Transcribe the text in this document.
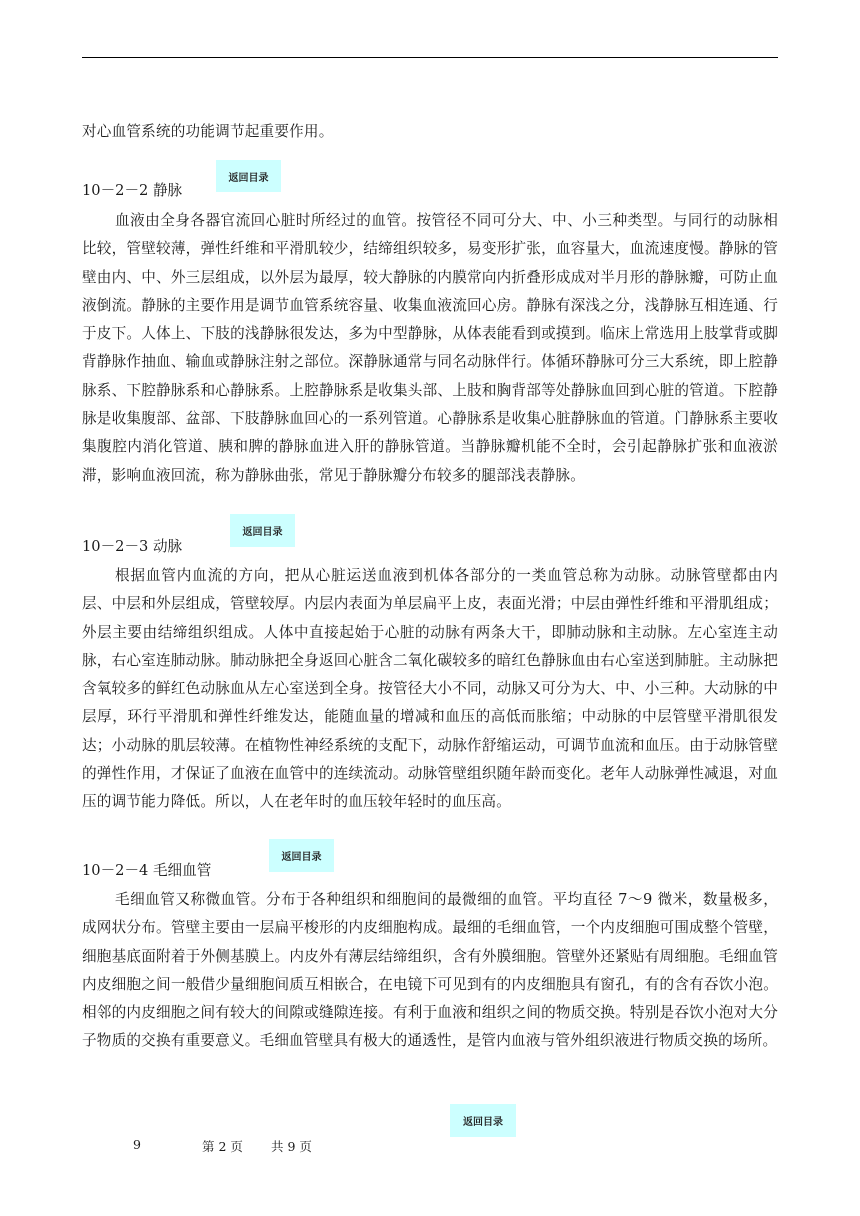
对心血管系统的功能调节起重要作用。

返回目录

10－2－2 静脉

血液由全身各器官流回心脏时所经过的血管。按管径不同可分大、中、小三种类型。与同行的动脉相比较，管壁较薄，弹性纤维和平滑肌较少，结缔组织较多，易变形扩张，血容量大，血流速度慢。静脉的管壁由内、中、外三层组成，以外层为最厚，较大静脉的内膜常向内折叠形成成对半月形的静脉瓣，可防止血液倒流。静脉的主要作用是调节血管系统容量、收集血液流回心房。静脉有深浅之分，浅静脉互相连通、行于皮下。人体上、下肢的浅静脉很发达，多为中型静脉，从体表能看到或摸到。临床上常选用上肢掌背或脚背静脉作抽血、输血或静脉注射之部位。深静脉通常与同名动脉伴行。体循环静脉可分三大系统，即上腔静脉系、下腔静脉系和心静脉系。上腔静脉系是收集头部、上肢和胸背部等处静脉血回到心脏的管道。下腔静脉是收集腹部、盆部、下肢静脉血回心的一系列管道。心静脉系是收集心脏静脉血的管道。门静脉系主要收集腹腔内消化管道、胰和脾的静脉血进入肝的静脉管道。当静脉瓣机能不全时，会引起静脉扩张和血液淤滞，影响血液回流，称为静脉曲张，常见于静脉瓣分布较多的腿部浅表静脉。

返回目录

10－2－3 动脉

根据血管内血流的方向，把从心脏运送血液到机体各部分的一类血管总称为动脉。动脉管壁都由内层、中层和外层组成，管壁较厚。内层内表面为单层扁平上皮，表面光滑；中层由弹性纤维和平滑肌组成；外层主要由结缔组织组成。人体中直接起始于心脏的动脉有两条大干，即肺动脉和主动脉。左心室连主动脉，右心室连肺动脉。肺动脉把全身返回心脏含二氧化碳较多的暗红色静脉血由右心室送到肺脏。主动脉把含氧较多的鲜红色动脉血从左心室送到全身。按管径大小不同，动脉又可分为大、中、小三种。大动脉的中层厚，环行平滑肌和弹性纤维发达，能随血量的增减和血压的高低而胀缩；中动脉的中层管壁平滑肌很发达；小动脉的肌层较薄。在植物性神经系统的支配下，动脉作舒缩运动，可调节血流和血压。由于动脉管壁的弹性作用，才保证了血液在血管中的连续流动。动脉管壁组织随年龄而变化。老年人动脉弹性减退，对血压的调节能力降低。所以，人在老年时的血压较年轻时的血压高。

返回目录

10－2－4 毛细血管

毛细血管又称微血管。分布于各种组织和细胞间的最微细的血管。平均直径 7～9 微米，数量极多，成网状分布。管壁主要由一层扁平梭形的内皮细胞构成。最细的毛细血管，一个内皮细胞可围成整个管壁，细胞基底面附着于外侧基膜上。内皮外有薄层结缔组织，含有外膜细胞。管壁外还紧贴有周细胞。毛细血管内皮细胞之间一般借少量细胞间质互相嵌合，在电镜下可见到有的内皮细胞具有窗孔，有的含有吞饮小泡。相邻的内皮细胞之间有较大的间隙或缝隙连接。有利于血液和组织之间的物质交换。特别是吞饮小泡对大分子物质的交换有重要意义。毛细血管壁具有极大的通透性，是管内血液与管外组织液进行物质交换的场所。

返回目录
9	第 2 页 共 9 页
